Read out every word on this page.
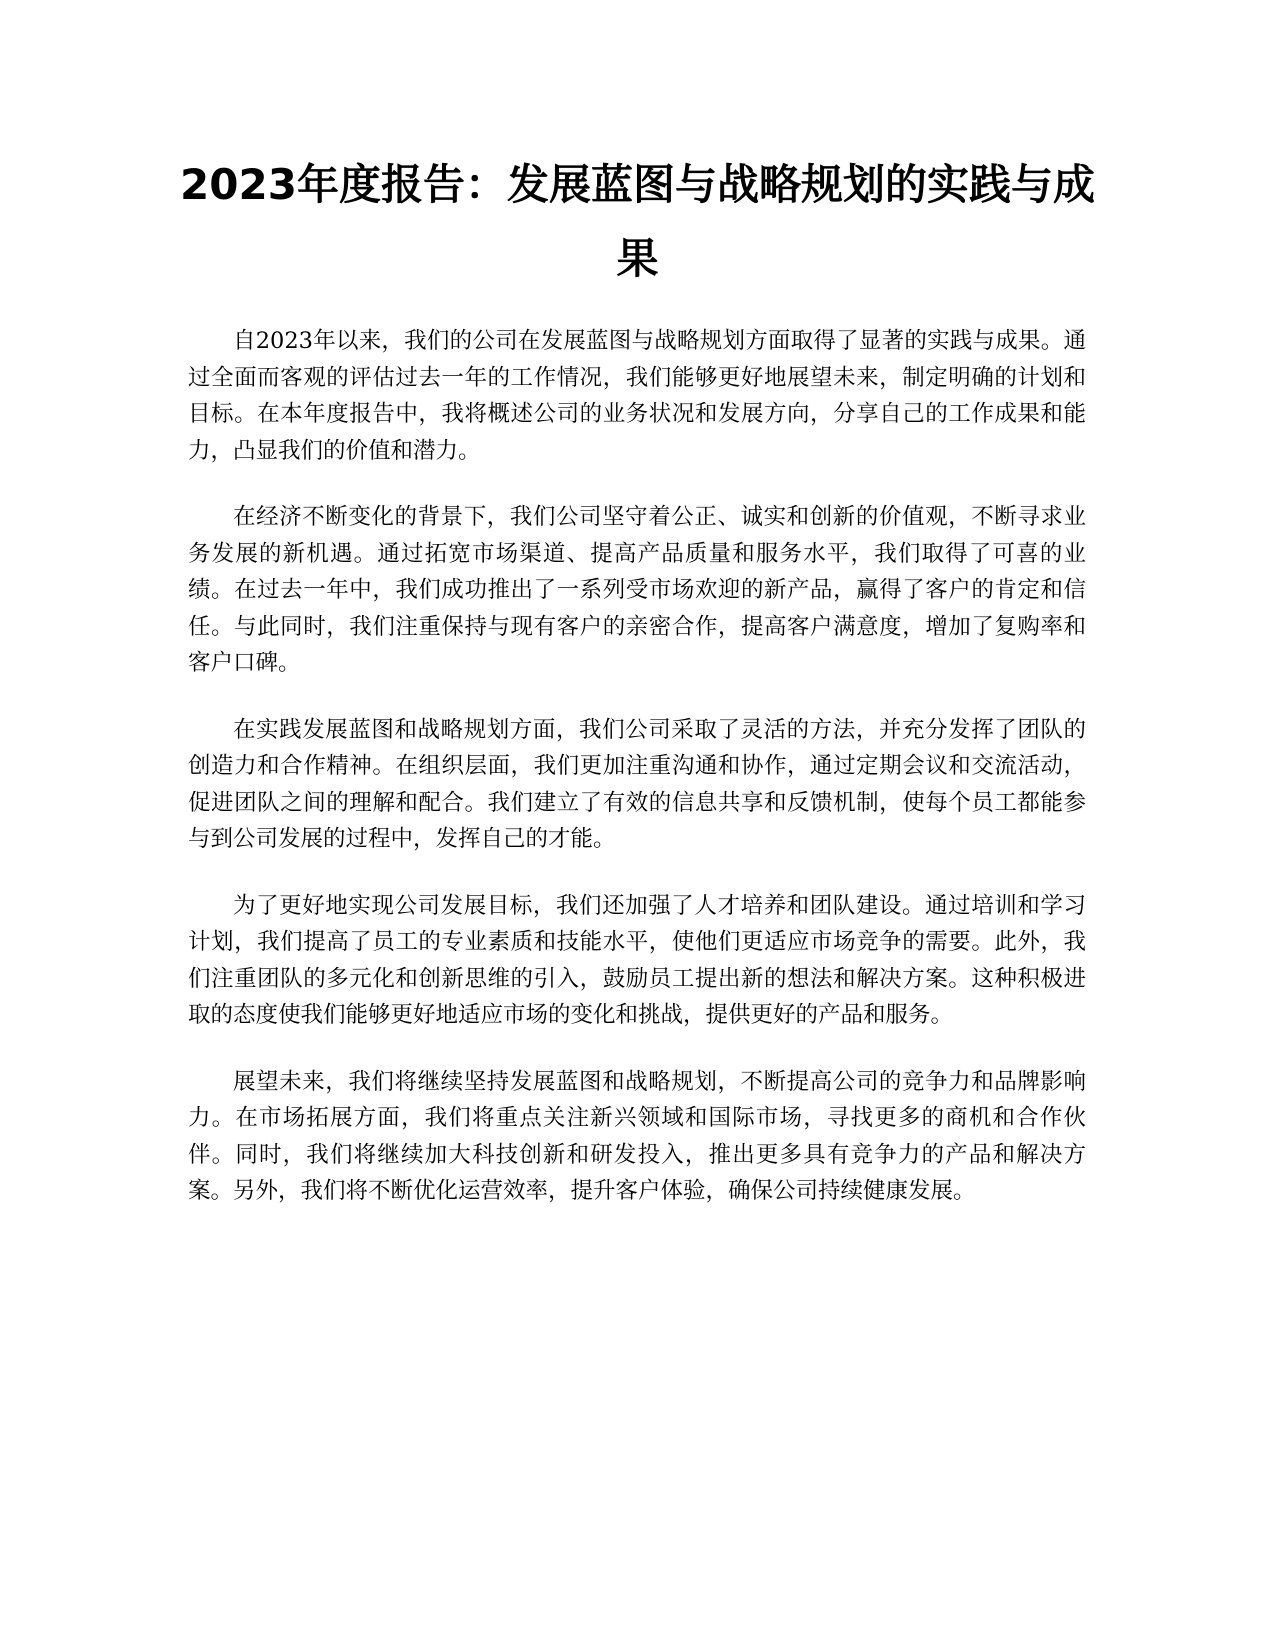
2023年度报告：发展蓝图与战略规划的实践与成果

自2023年以来，我们的公司在发展蓝图与战略规划方面取得了显著的实践与成果。通过全面而客观的评估过去一年的工作情况，我们能够更好地展望未来，制定明确的计划和目标。在本年度报告中，我将概述公司的业务状况和发展方向，分享自己的工作成果和能力，凸显我们的价值和潜力。

在经济不断变化的背景下，我们公司坚守着公正、诚实和创新的价值观，不断寻求业务发展的新机遇。通过拓宽市场渠道、提高产品质量和服务水平，我们取得了可喜的业绩。在过去一年中，我们成功推出了一系列受市场欢迎的新产品，赢得了客户的肯定和信任。与此同时，我们注重保持与现有客户的亲密合作，提高客户满意度，增加了复购率和客户口碑。

在实践发展蓝图和战略规划方面，我们公司采取了灵活的方法，并充分发挥了团队的创造力和合作精神。在组织层面，我们更加注重沟通和协作，通过定期会议和交流活动，促进团队之间的理解和配合。我们建立了有效的信息共享和反馈机制，使每个员工都能参与到公司发展的过程中，发挥自己的才能。

为了更好地实现公司发展目标，我们还加强了人才培养和团队建设。通过培训和学习计划，我们提高了员工的专业素质和技能水平，使他们更适应市场竞争的需要。此外，我们注重团队的多元化和创新思维的引入，鼓励员工提出新的想法和解决方案。这种积极进取的态度使我们能够更好地适应市场的变化和挑战，提供更好的产品和服务。

展望未来，我们将继续坚持发展蓝图和战略规划，不断提高公司的竞争力和品牌影响力。在市场拓展方面，我们将重点关注新兴领域和国际市场，寻找更多的商机和合作伙伴。同时，我们将继续加大科技创新和研发投入，推出更多具有竞争力的产品和解决方案。另外，我们将不断优化运营效率，提升客户体验，确保公司持续健康发展。
